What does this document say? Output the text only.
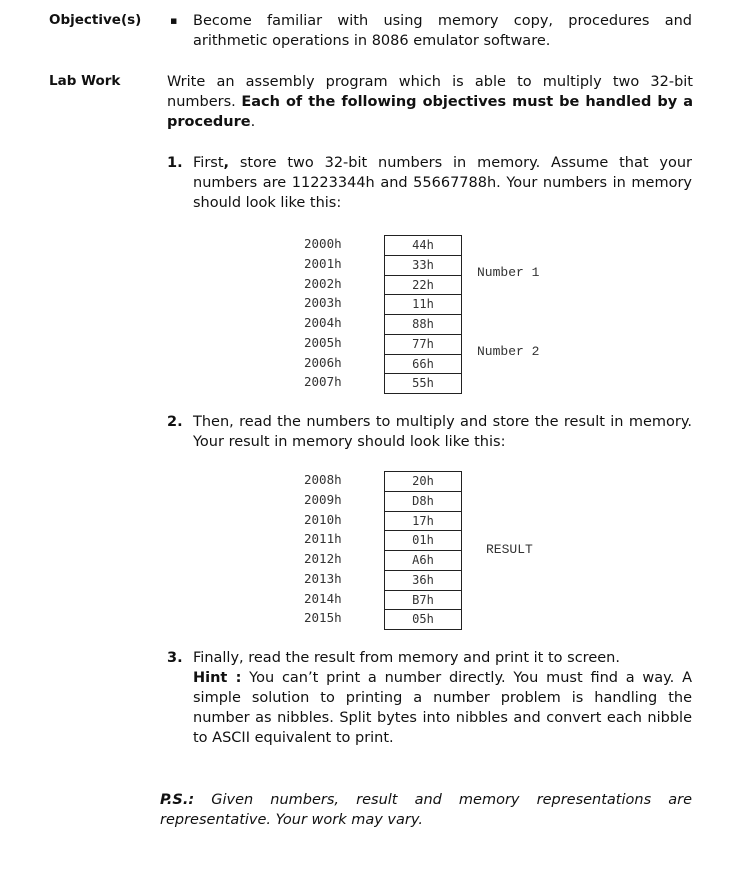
Objective(s)	▪ Become familiar with using memory copy, procedures and arithmetic operations in 8086 emulator software.
Lab Work	Write an assembly program which is able to multiply two 32-bit numbers. Each of the following objectives must be handled by a procedure.
1. First, store two 32-bit numbers in memory. Assume that your numbers are 11223344h and 55667788h. Your numbers in memory should look like this:
2000h
2001h
2002h
2003h
2004h
2005h
2006h
2007h
44h
33h
22h
11h
88h
77h
66h
55h
Number 1
Number 2
2. Then, read the numbers to multiply and store the result in memory. Your result in memory should look like this:
2008h
2009h
2010h
2011h
2012h
2013h
2014h
2015h
20h
D8h
17h
01h
A6h
36h
B7h
05h
RESULT
3. Finally, read the result from memory and print it to screen.
Hint : You can’t print a number directly. You must find a way. A simple solution to printing a number problem is handling the number as nibbles. Split bytes into nibbles and convert each nibble to ASCII equivalent to print.
P.S.: Given numbers, result and memory representations are representative. Your work may vary.
